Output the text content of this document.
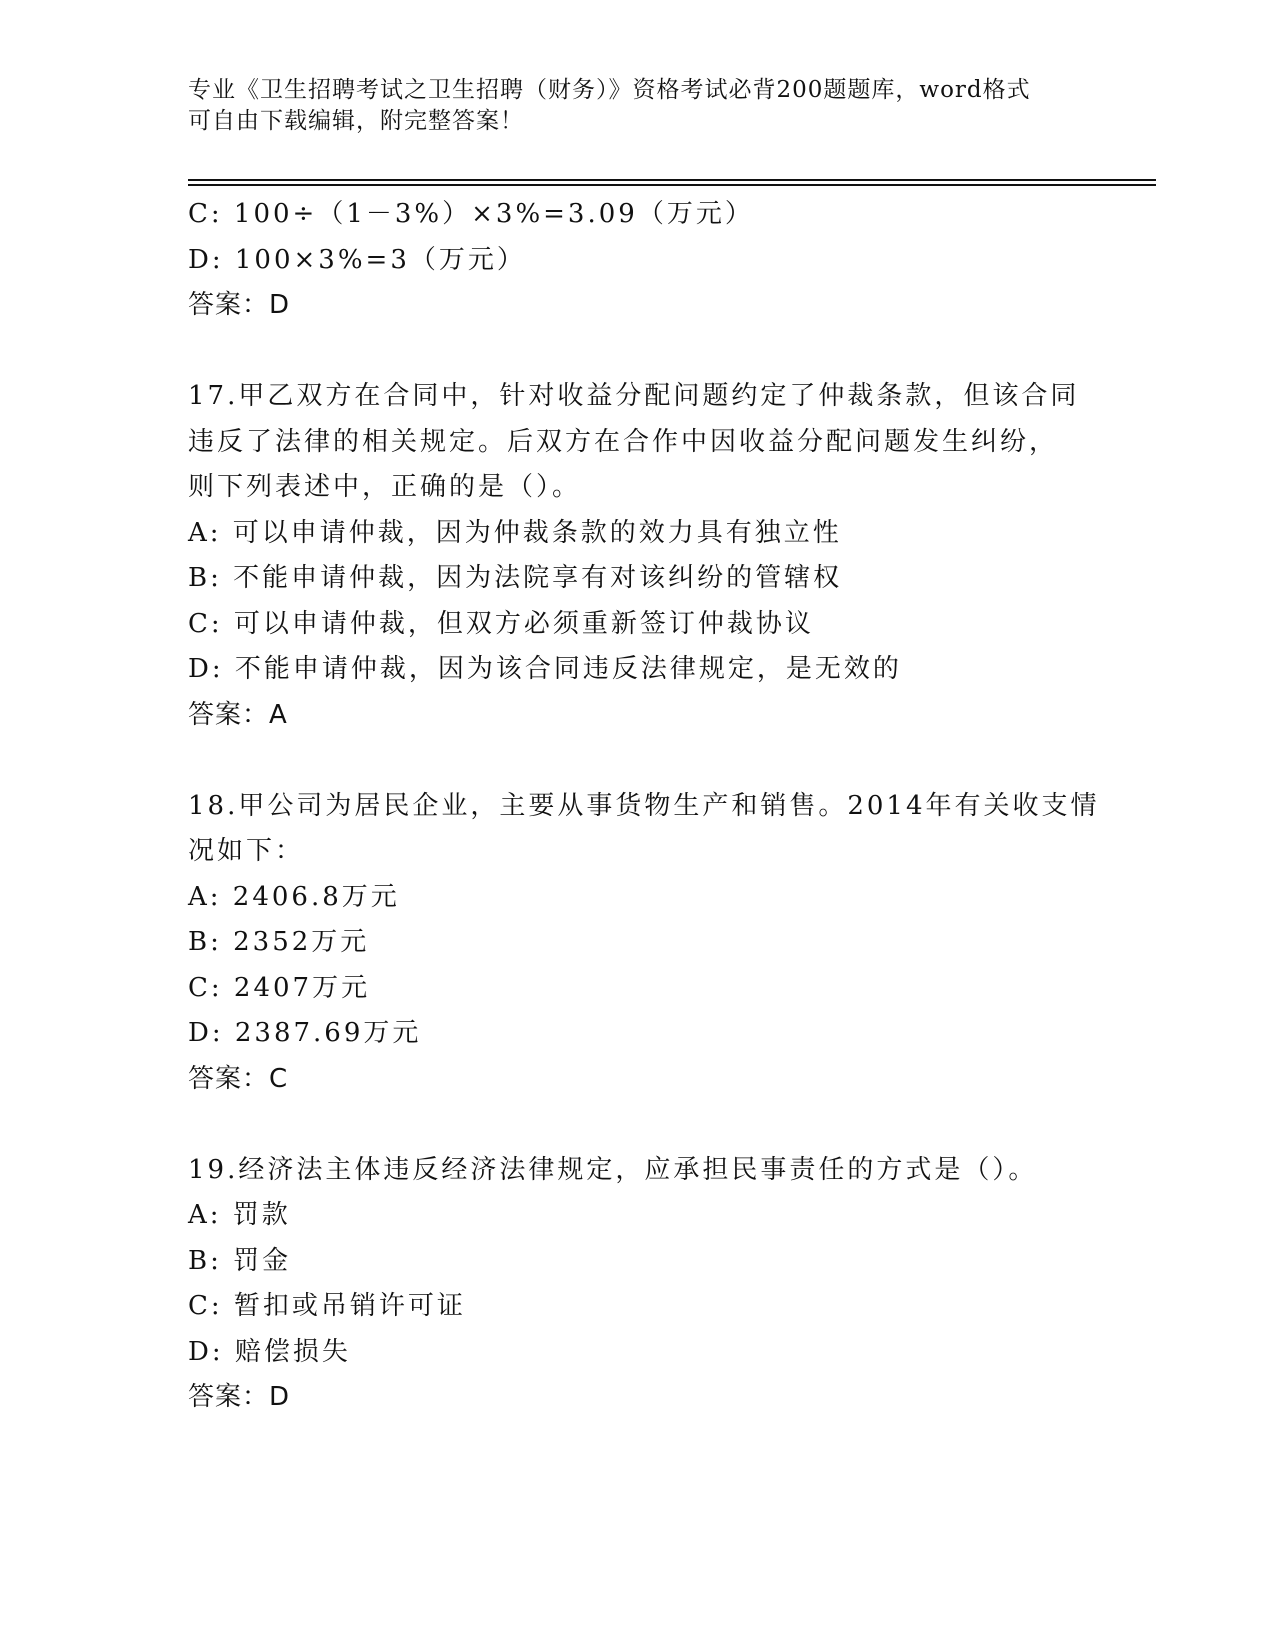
专业《卫生招聘考试之卫生招聘（财务）》资格考试必背200题题库，word格式
可自由下载编辑，附完整答案！
C: 100÷（1－3%）×3%=3.09（万元）
D: 100×3%=3（万元）
答案：D
17.甲乙双方在合同中，针对收益分配问题约定了仲裁条款，但该合同
违反了法律的相关规定。后双方在合作中因收益分配问题发生纠纷，
则下列表述中，正确的是（）。
A: 可以申请仲裁，因为仲裁条款的效力具有独立性
B: 不能申请仲裁，因为法院享有对该纠纷的管辖权
C: 可以申请仲裁，但双方必须重新签订仲裁协议
D: 不能申请仲裁，因为该合同违反法律规定，是无效的
答案：A
18.甲公司为居民企业，主要从事货物生产和销售。2014年有关收支情
况如下：
A: 2406.8万元
B: 2352万元
C: 2407万元
D: 2387.69万元
答案：C
19.经济法主体违反经济法律规定，应承担民事责任的方式是（）。
A: 罚款
B: 罚金
C: 暂扣或吊销许可证
D: 赔偿损失
答案：D
